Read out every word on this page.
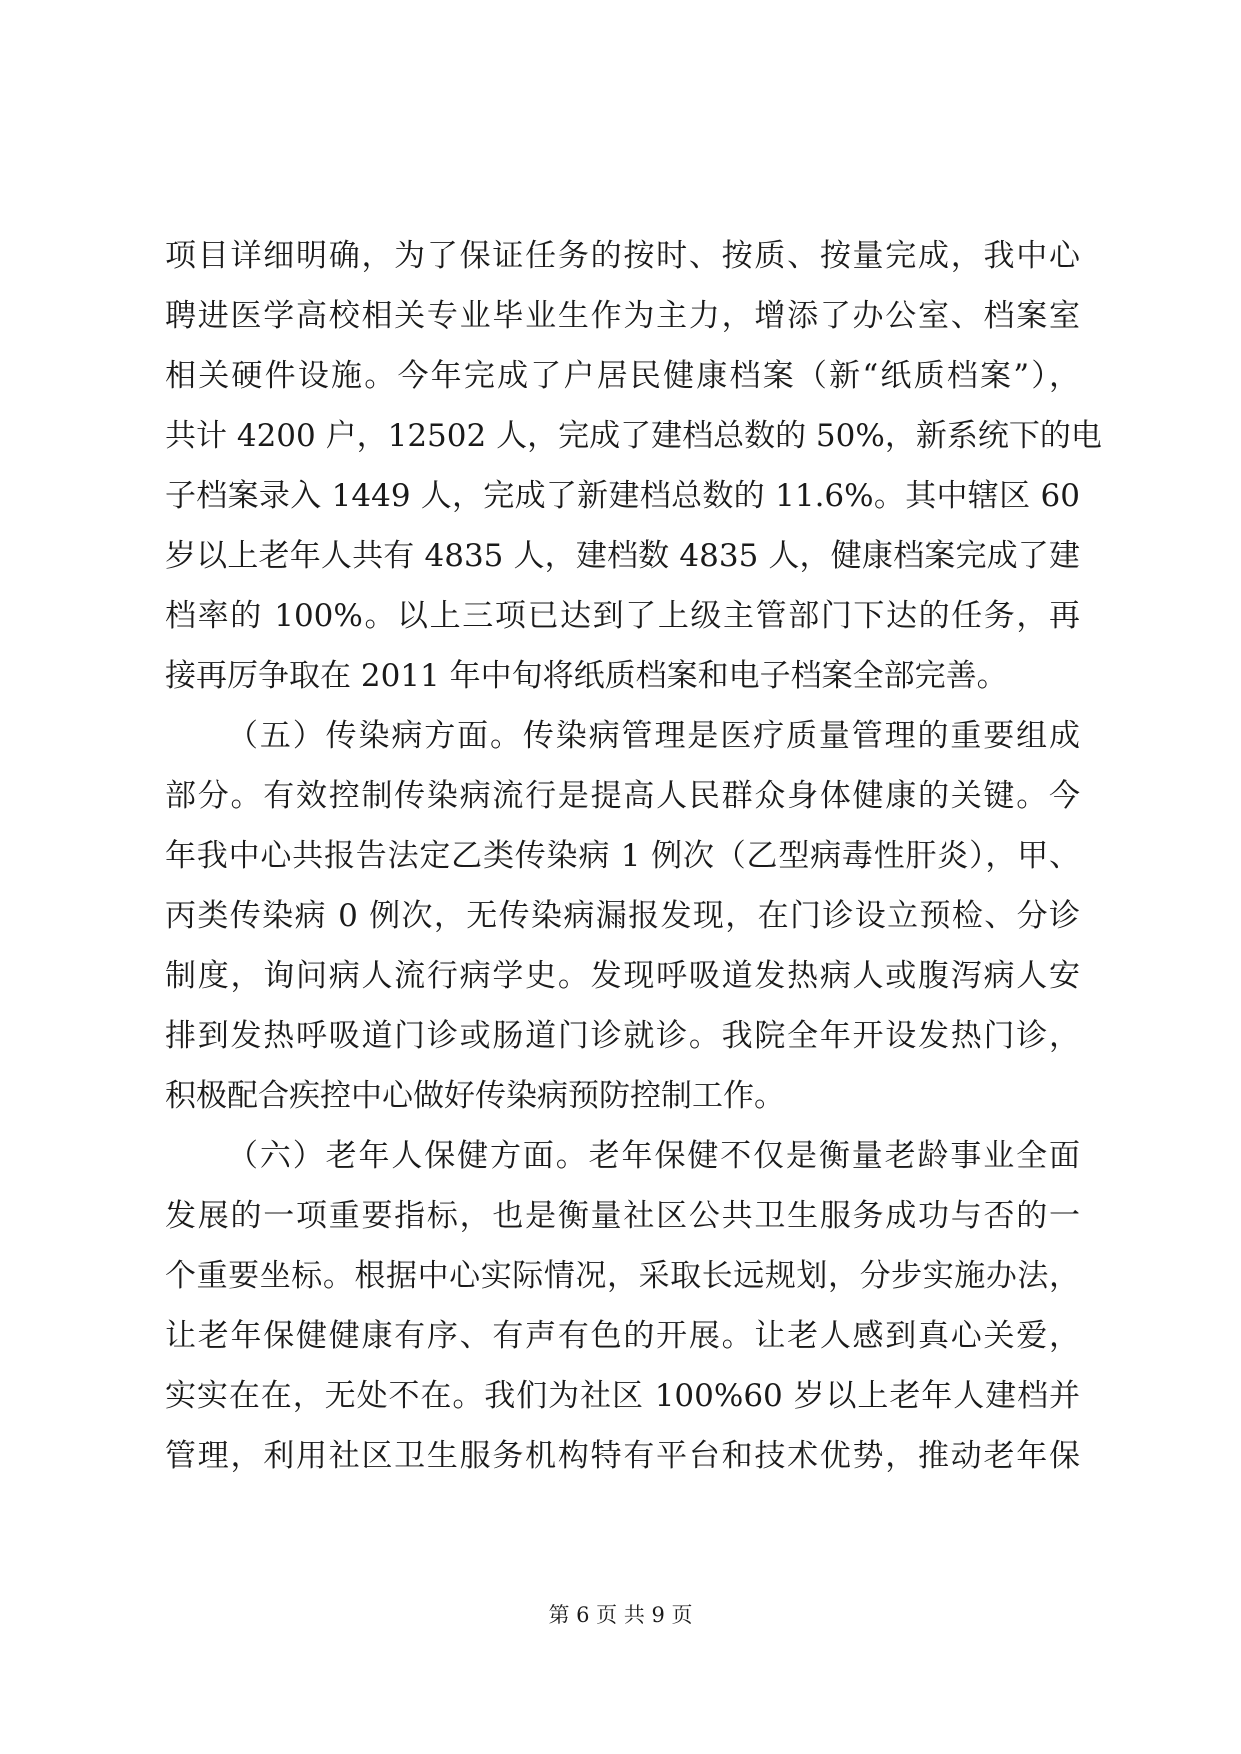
项目详细明确，为了保证任务的按时、按质、按量完成，我中心
聘进医学高校相关专业毕业生作为主力，增添了办公室、档案室
相关硬件设施。今年完成了户居民健康档案（新“纸质档案”），
共计 4200 户，12502 人，完成了建档总数的 50%，新系统下的电
子档案录入 1449 人，完成了新建档总数的 11.6%。其中辖区 60
岁以上老年人共有 4835 人，建档数 4835 人，健康档案完成了建
档率的 100%。以上三项已达到了上级主管部门下达的任务，再
接再厉争取在 2011 年中旬将纸质档案和电子档案全部完善。
（五）传染病方面。传染病管理是医疗质量管理的重要组成
部分。有效控制传染病流行是提高人民群众身体健康的关键。今
年我中心共报告法定乙类传染病 1 例次（乙型病毒性肝炎），甲、
丙类传染病 0 例次，无传染病漏报发现，在门诊设立预检、分诊
制度，询问病人流行病学史。发现呼吸道发热病人或腹泻病人安
排到发热呼吸道门诊或肠道门诊就诊。我院全年开设发热门诊，
积极配合疾控中心做好传染病预防控制工作。
（六）老年人保健方面。老年保健不仅是衡量老龄事业全面
发展的一项重要指标，也是衡量社区公共卫生服务成功与否的一
个重要坐标。根据中心实际情况，采取长远规划，分步实施办法，
让老年保健健康有序、有声有色的开展。让老人感到真心关爱，
实实在在，无处不在。我们为社区 100%60 岁以上老年人建档并
管理，利用社区卫生服务机构特有平台和技术优势，推动老年保
第 6 页 共 9 页
